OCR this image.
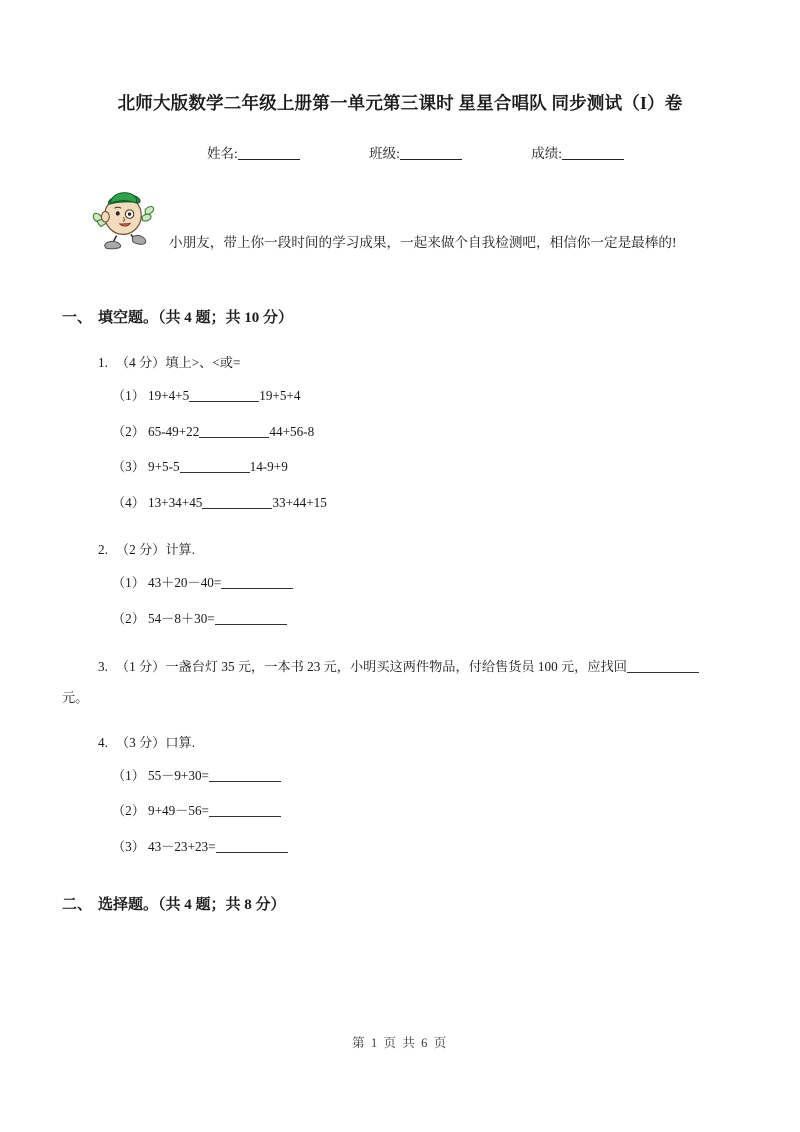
北师大版数学二年级上册第一单元第三课时 星星合唱队 同步测试（I）卷
姓名:	班级:	成绩:

小朋友，带上你一段时间的学习成果，一起来做个自我检测吧，相信你一定是最棒的!

一、 填空题。（共 4 题；共 10 分）

1. （4 分）填上>、<或=

（1） 19+4+5	19+5+4

（2） 65-49+22	44+56-8

（3） 9+5-5	14-9+9

（4） 13+34+45	33+44+15

2. （2 分）计算.

（1） 43＋20－40=

（2） 54－8＋30=

3. （1 分）一盏台灯 35 元，一本书 23 元，小明买这两件物品，付给售货员 100 元，应找回

元。

4. （3 分）口算.

（1） 55－9+30=

（2） 9+49－56=

（3） 43－23+23=

二、 选择题。（共 4 题；共 8 分）
第 1 页 共 6 页
